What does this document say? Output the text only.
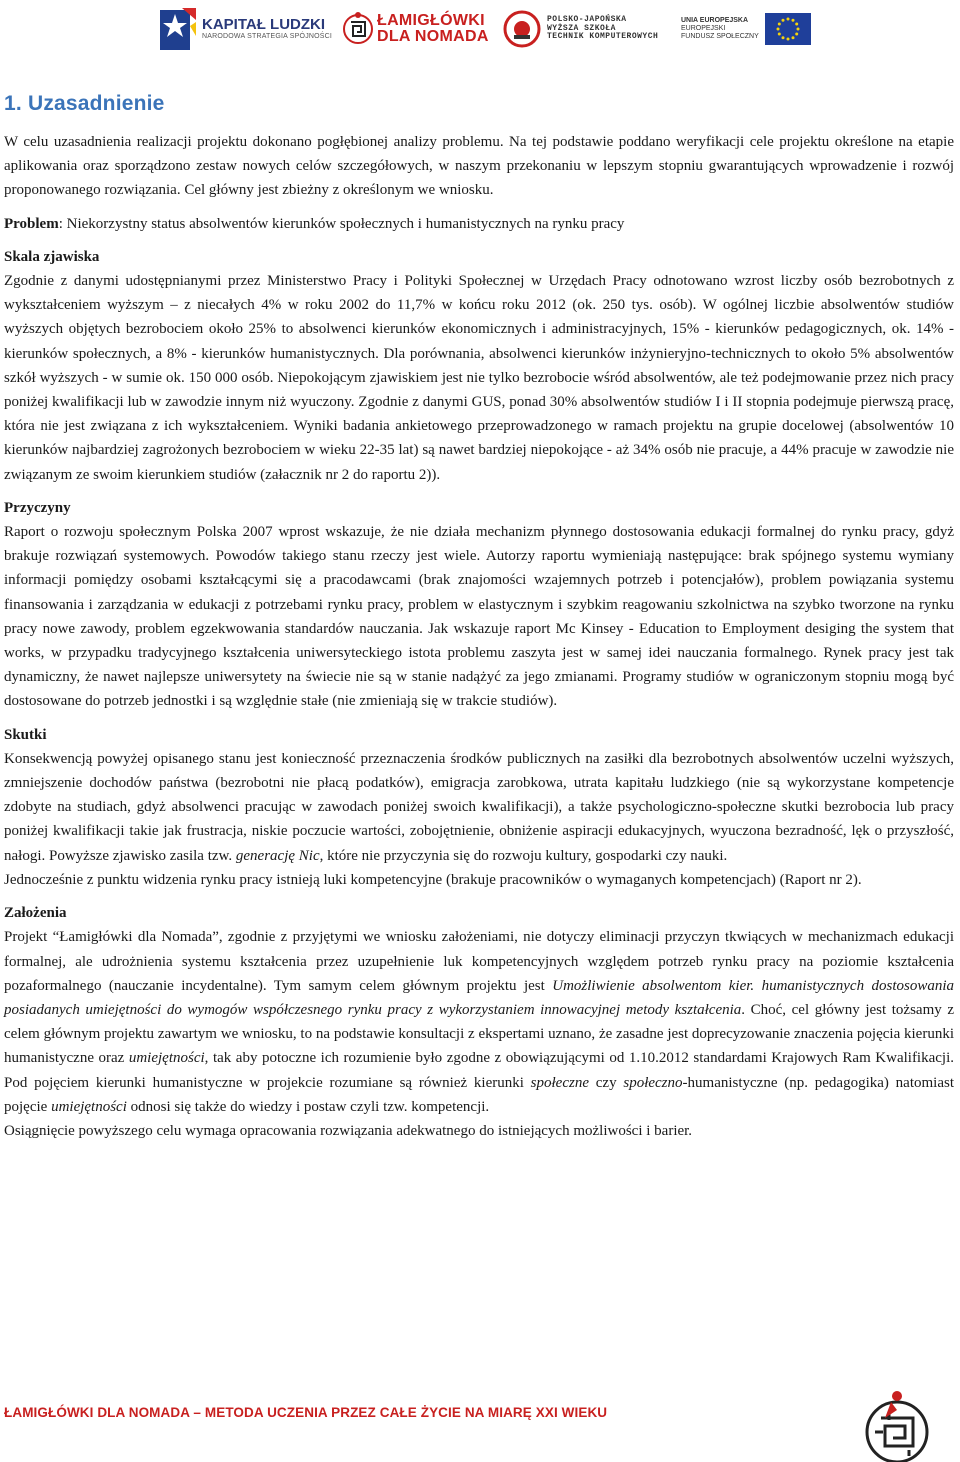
KAPITAŁ LUDZKI
NARODOWA STRATEGIA SPÓJNOŚCI
ŁAMIGŁÓWKI
DLA NOMADA
POLSKO-JAPOŃSKA
WYŻSZA SZKOŁA
TECHNIK KOMPUTEROWYCH
UNIA EUROPEJSKA
EUROPEJSKI
FUNDUSZ SPOŁECZNY
1. Uzasadnienie

W celu uzasadnienia realizacji projektu dokonano pogłębionej analizy problemu. Na tej podstawie poddano weryfikacji cele projektu określone na etapie aplikowania oraz sporządzono zestaw nowych celów szczegółowych, w naszym przekonaniu w lepszym stopniu gwarantujących wprowadzenie i rozwój proponowanego rozwiązania. Cel główny jest zbieżny z określonym we wniosku.

Problem: Niekorzystny status absolwentów kierunków społecznych i humanistycznych na rynku pracy

Skala zjawiska

Zgodnie z danymi udostępnianymi przez Ministerstwo Pracy i Polityki Społecznej w Urzędach Pracy odnotowano wzrost liczby osób bezrobotnych z wykształceniem wyższym – z niecałych 4% w roku 2002 do 11,7% w końcu roku 2012 (ok. 250 tys. osób). W ogólnej liczbie absolwentów studiów wyższych objętych bezrobociem około 25% to absolwenci kierunków ekonomicznych i administracyjnych, 15% - kierunków pedagogicznych, ok. 14% - kierunków społecznych, a 8% - kierunków humanistycznych. Dla porównania, absolwenci kierunków inżynieryjno-technicznych to około 5% absolwentów szkół wyższych - w sumie ok. 150 000 osób. Niepokojącym zjawiskiem jest nie tylko bezrobocie wśród absolwentów, ale też podejmowanie przez nich pracy poniżej kwalifikacji lub w zawodzie innym niż wyuczony. Zgodnie z danymi GUS, ponad 30% absolwentów studiów I i II stopnia podejmuje pierwszą pracę, która nie jest związana z ich wykształceniem. Wyniki badania ankietowego przeprowadzonego w ramach projektu na grupie docelowej (absolwentów 10 kierunków najbardziej zagrożonych bezrobociem w wieku 22-35 lat) są nawet bardziej niepokojące - aż 34% osób nie pracuje, a 44% pracuje w zawodzie nie związanym ze swoim kierunkiem studiów (załacznik nr 2 do raportu 2)).

Przyczyny

Raport o rozwoju społecznym Polska 2007 wprost wskazuje, że nie działa mechanizm płynnego dostosowania edukacji formalnej do rynku pracy, gdyż brakuje rozwiązań systemowych. Powodów takiego stanu rzeczy jest wiele. Autorzy raportu wymieniają następujące: brak spójnego systemu wymiany informacji pomiędzy osobami kształcącymi się a pracodawcami (brak znajomości wzajemnych potrzeb i potencjałów), problem powiązania systemu finansowania i zarządzania w edukacji z potrzebami rynku pracy, problem w elastycznym i szybkim reagowaniu szkolnictwa na szybko tworzone na rynku pracy nowe zawody, problem egzekwowania standardów nauczania. Jak wskazuje raport Mc Kinsey - Education to Employment desiging the system that works, w przypadku tradycyjnego kształcenia uniwersyteckiego istota problemu zaszyta jest w samej idei nauczania formalnego. Rynek pracy jest tak dynamiczny, że nawet najlepsze uniwersytety na świecie nie są w stanie nadążyć za jego zmianami. Programy studiów w ograniczonym stopniu mogą być dostosowane do potrzeb jednostki i są względnie stałe (nie zmieniają się w trakcie studiów).

Skutki

Konsekwencją powyżej opisanego stanu jest konieczność przeznaczenia środków publicznych na zasiłki dla bezrobotnych absolwentów uczelni wyższych, zmniejszenie dochodów państwa (bezrobotni nie płacą podatków), emigracja zarobkowa, utrata kapitału ludzkiego (nie są wykorzystane kompetencje zdobyte na studiach, gdyż absolwenci pracując w zawodach poniżej swoich kwalifikacji), a także psychologiczno-społeczne skutki bezrobocia lub pracy poniżej kwalifikacji takie jak frustracja, niskie poczucie wartości, zobojętnienie, obniżenie aspiracji edukacyjnych, wyuczona bezradność, lęk o przyszłość, nałogi. Powyższe zjawisko zasila tzw. generację Nic, które nie przyczynia się do rozwoju kultury, gospodarki czy nauki.

Jednocześnie z punktu widzenia rynku pracy istnieją luki kompetencyjne (brakuje pracowników o wymaganych kompetencjach) (Raport nr 2).

Założenia

Projekt “Łamigłówki dla Nomada”, zgodnie z przyjętymi we wniosku założeniami, nie dotyczy eliminacji przyczyn tkwiących w mechanizmach edukacji formalnej, ale udrożnienia systemu kształcenia przez uzupełnienie luk kompetencyjnych względem potrzeb rynku pracy na poziomie kształcenia pozaformalnego (nauczanie incydentalne). Tym samym celem głównym projektu jest Umożliwienie absolwentom kier. humanistycznych dostosowania posiadanych umiejętności do wymogów współczesnego rynku pracy z wykorzystaniem innowacyjnej metody kształcenia. Choć, cel główny jest tożsamy z celem głównym projektu zawartym we wniosku, to na podstawie konsultacji z ekspertami uznano, że zasadne jest doprecyzowanie znaczenia pojęcia kierunki humanistyczne oraz umiejętności, tak aby potoczne ich rozumienie było zgodne z obowiązującymi od 1.10.2012 standardami Krajowych Ram Kwalifikacji. Pod pojęciem kierunki humanistyczne w projekcie rozumiane są również kierunki społeczne czy społeczno-humanistyczne (np. pedagogika) natomiast pojęcie umiejętności odnosi się także do wiedzy i postaw czyli tzw. kompetencji.

Osiągnięcie powyższego celu wymaga opracowania rozwiązania adekwatnego do istniejących możliwości i barier.

ŁAMIGŁÓWKI DLA NOMADA – METODA UCZENIA PRZEZ CAŁE ŻYCIE NA MIARĘ XXI WIEKU
